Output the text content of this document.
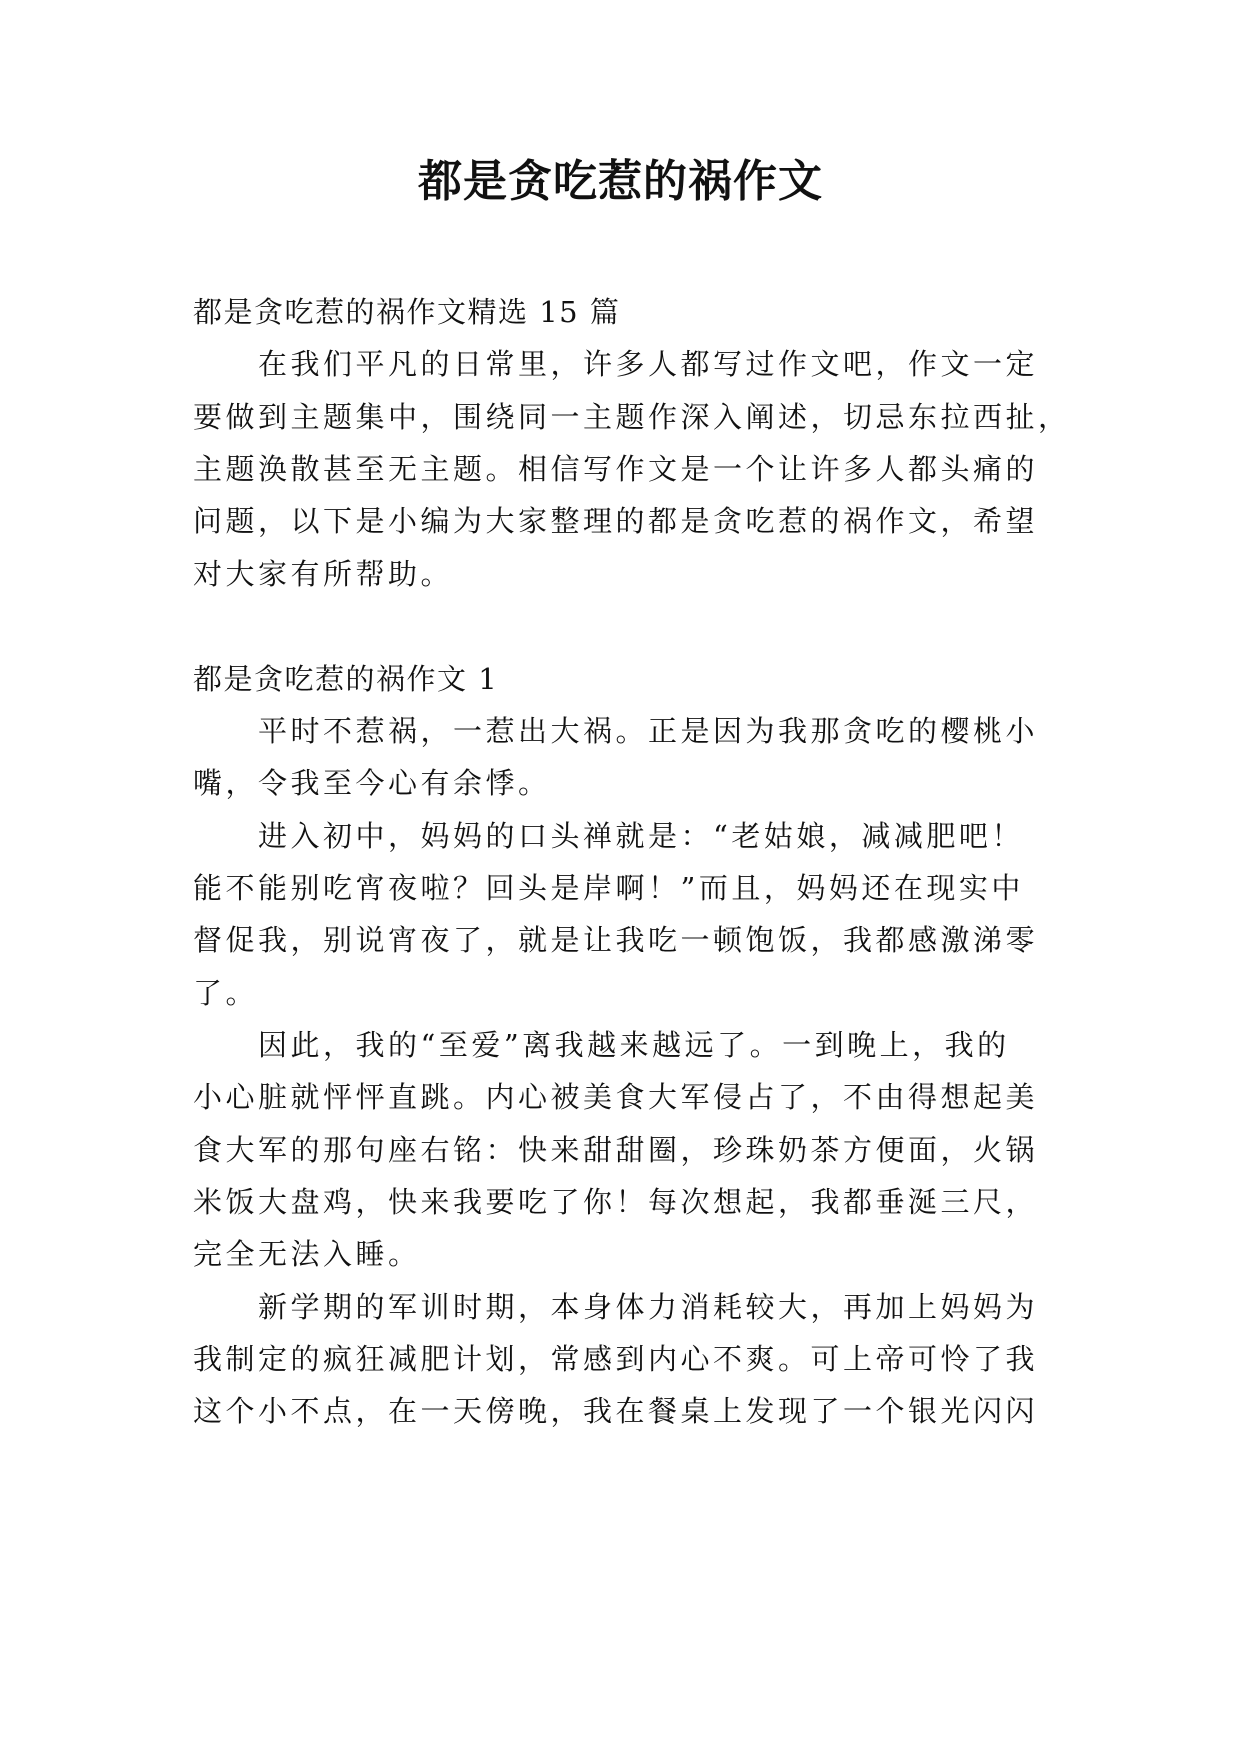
都是贪吃惹的祸作文
都是贪吃惹的祸作文精选 15 篇
在我们平凡的日常里，许多人都写过作文吧，作文一定
要做到主题集中，围绕同一主题作深入阐述，切忌东拉西扯，
主题涣散甚至无主题。相信写作文是一个让许多人都头痛的
问题，以下是小编为大家整理的都是贪吃惹的祸作文，希望
对大家有所帮助。
都是贪吃惹的祸作文 1
平时不惹祸，一惹出大祸。正是因为我那贪吃的樱桃小
嘴，令我至今心有余悸。
进入初中，妈妈的口头禅就是：“老姑娘，减减肥吧！
能不能别吃宵夜啦？回头是岸啊！”而且，妈妈还在现实中
督促我，别说宵夜了，就是让我吃一顿饱饭，我都感激涕零
了。
因此，我的“至爱”离我越来越远了。一到晚上，我的
小心脏就怦怦直跳。内心被美食大军侵占了，不由得想起美
食大军的那句座右铭：快来甜甜圈，珍珠奶茶方便面，火锅
米饭大盘鸡，快来我要吃了你！每次想起，我都垂涎三尺，
完全无法入睡。
新学期的军训时期，本身体力消耗较大，再加上妈妈为
我制定的疯狂减肥计划，常感到内心不爽。可上帝可怜了我
这个小不点，在一天傍晚，我在餐桌上发现了一个银光闪闪
